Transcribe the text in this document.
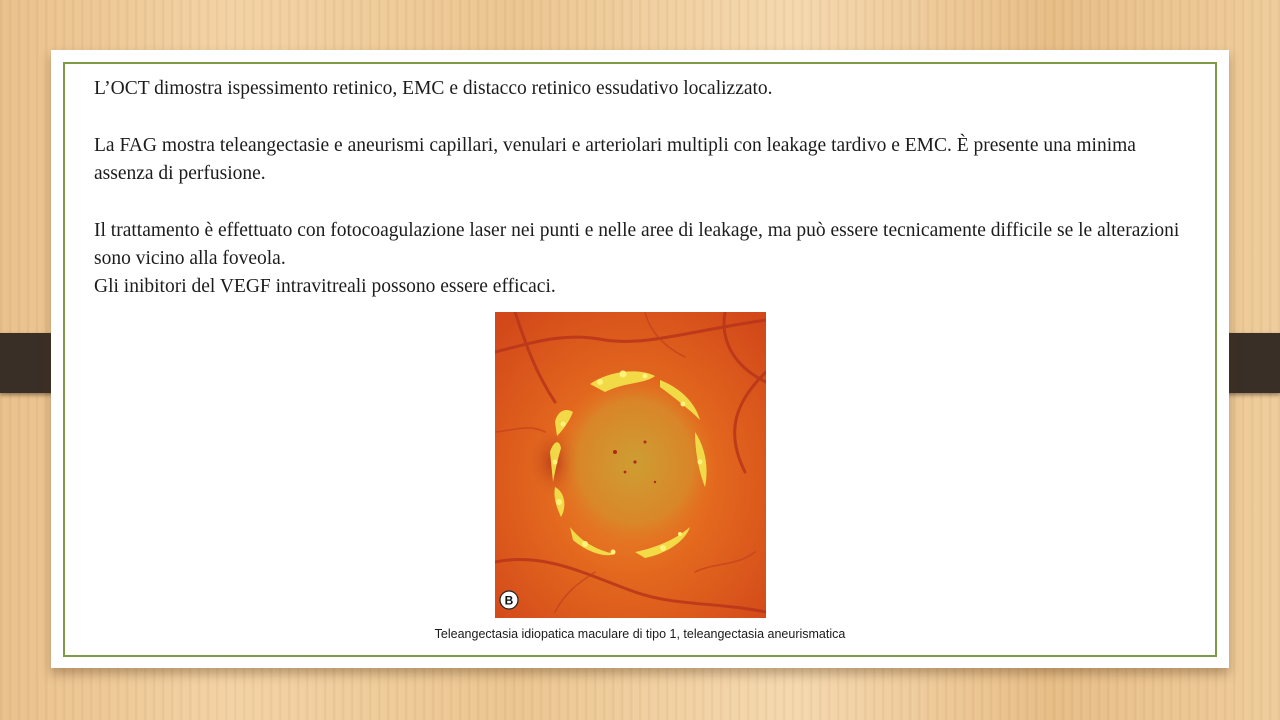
L’OCT dimostra ispessimento retinico, EMC e distacco retinico essudativo localizzato.

La FAG mostra teleangectasie e aneurismi capillari, venulari e arteriolari multipli con leakage tardivo e EMC. È presente una minima assenza di perfusione.

Il trattamento è effettuato con fotocoagulazione laser nei punti e nelle aree di leakage, ma può essere tecnicamente difficile se le alterazioni sono vicino alla foveola.

Gli inibitori del VEGF intravitreali possono essere efficaci.

B
Teleangectasia idiopatica maculare di tipo 1, teleangectasia aneurismatica
